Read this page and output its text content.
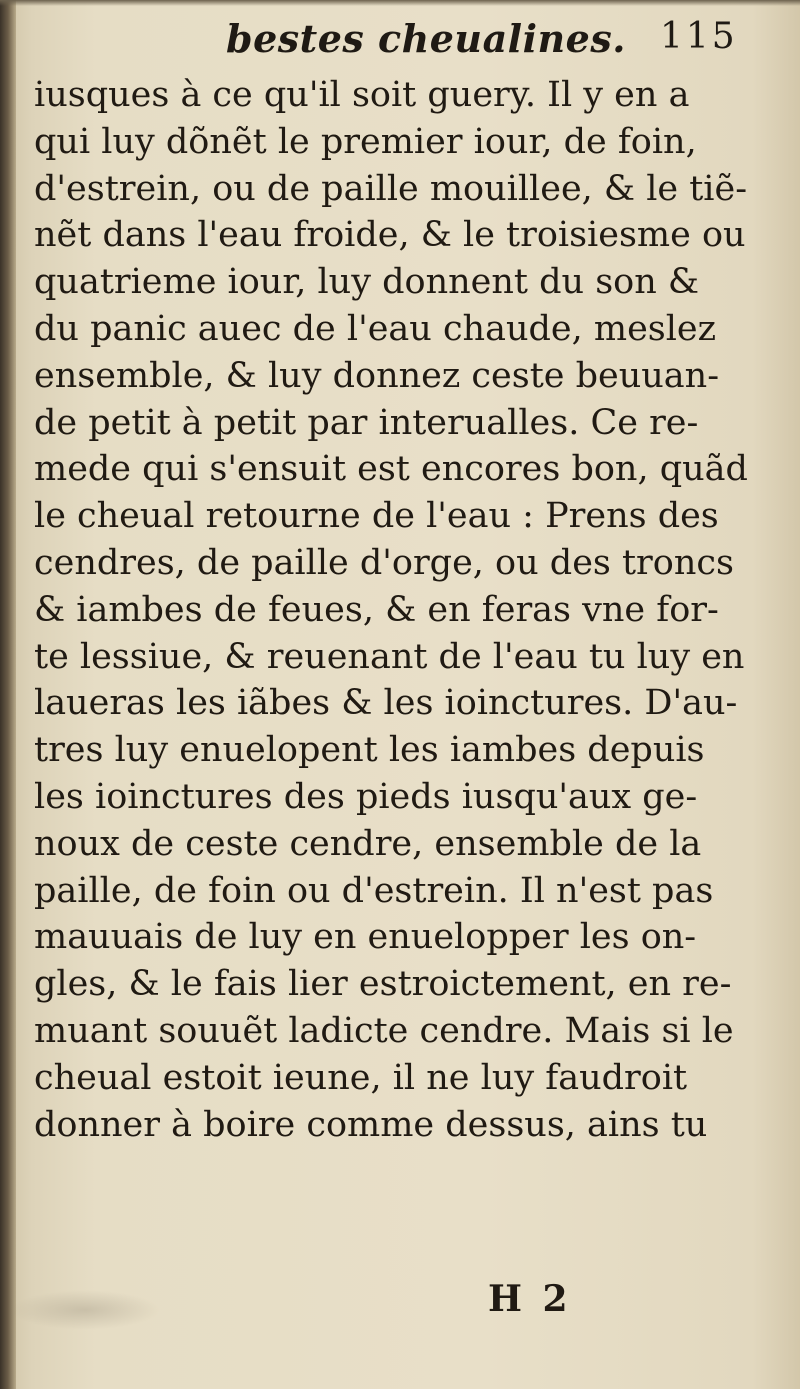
bestes cheualines. 115
iusques à ce qu'il soit guery. Il y en a
qui luy dõnẽt le premier iour, de foin,
d'estrein, ou de paille mouillee, & le tiẽ-
nẽt dans l'eau froide, & le troisiesme ou
quatrieme iour, luy donnent du son &
du panic auec de l'eau chaude, meslez
ensemble, & luy donnez ceste beuuan-
de petit à petit par interualles. Ce re-
mede qui s'ensuit est encores bon, quãd
le cheual retourne de l'eau : Prens des
cendres, de paille d'orge, ou des troncs
& iambes de feues, & en feras vne for-
te lessiue, & reuenant de l'eau tu luy en
laueras les iãbes & les ioinctures. D'au-
tres luy enuelopent les iambes depuis
les ioinctures des pieds iusqu'aux ge-
noux de ceste cendre, ensemble de la
paille, de foin ou d'estrein. Il n'est pas
mauuais de luy en enuelopper les on-
gles, & le fais lier estroictement, en re-
muant souuẽt ladicte cendre. Mais si le
cheual estoit ieune, il ne luy faudroit
donner à boire comme dessus, ains tu
H 2
